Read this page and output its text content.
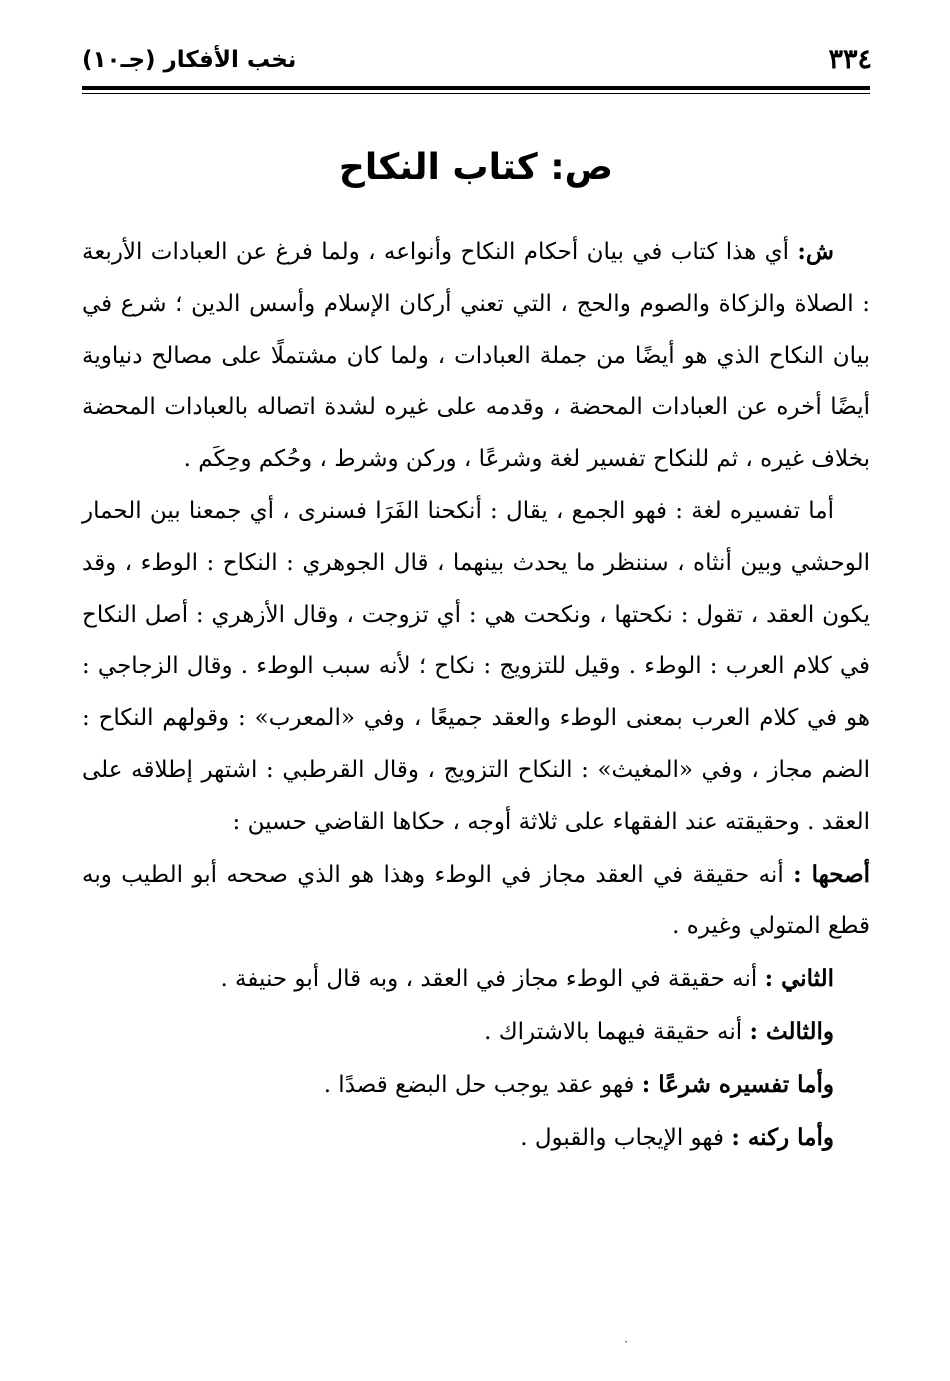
٣٣٤
نخب الأفكار (جـ١٠)
ص: كتاب النكاح

ش: أي هذا كتاب في بيان أحكام النكاح وأنواعه ، ولما فرغ عن العبادات الأربعة : الصلاة والزكاة والصوم والحج ، التي تعني أركان الإسلام وأسس الدين ؛ شرع في بيان النكاح الذي هو أيضًا من جملة العبادات ، ولما كان مشتملًا على مصالح دنياوية أيضًا أخره عن العبادات المحضة ، وقدمه على غيره لشدة اتصاله بالعبادات المحضة بخلاف غيره ، ثم للنكاح تفسير لغة وشرعًا ، وركن وشرط ، وحُكم وحِكَم .

أما تفسيره لغة : فهو الجمع ، يقال : أنكحنا الفَرَا فسنرى ، أي جمعنا بين الحمار الوحشي وبين أنثاه ، سننظر ما يحدث بينهما ، قال الجوهري : النكاح : الوطء ، وقد يكون العقد ، تقول : نكحتها ، ونكحت هي : أي تزوجت ، وقال الأزهري : أصل النكاح في كلام العرب : الوطء . وقيل للتزويج : نكاح ؛ لأنه سبب الوطء . وقال الزجاجي : هو في كلام العرب بمعنى الوطء والعقد جميعًا ، وفي «المعرب» : وقولهم النكاح : الضم مجاز ، وفي «المغيث» : النكاح التزويج ، وقال القرطبي : اشتهر إطلاقه على العقد . وحقيقته عند الفقهاء على ثلاثة أوجه ، حكاها القاضي حسين :

أصحها : أنه حقيقة في العقد مجاز في الوطء وهذا هو الذي صححه أبو الطيب وبه قطع المتولي وغيره .

الثاني : أنه حقيقة في الوطء مجاز في العقد ، وبه قال أبو حنيفة .

والثالث : أنه حقيقة فيهما بالاشتراك .

وأما تفسيره شرعًا : فهو عقد يوجب حل البضع قصدًا .

وأما ركنه : فهو الإيجاب والقبول .

·
